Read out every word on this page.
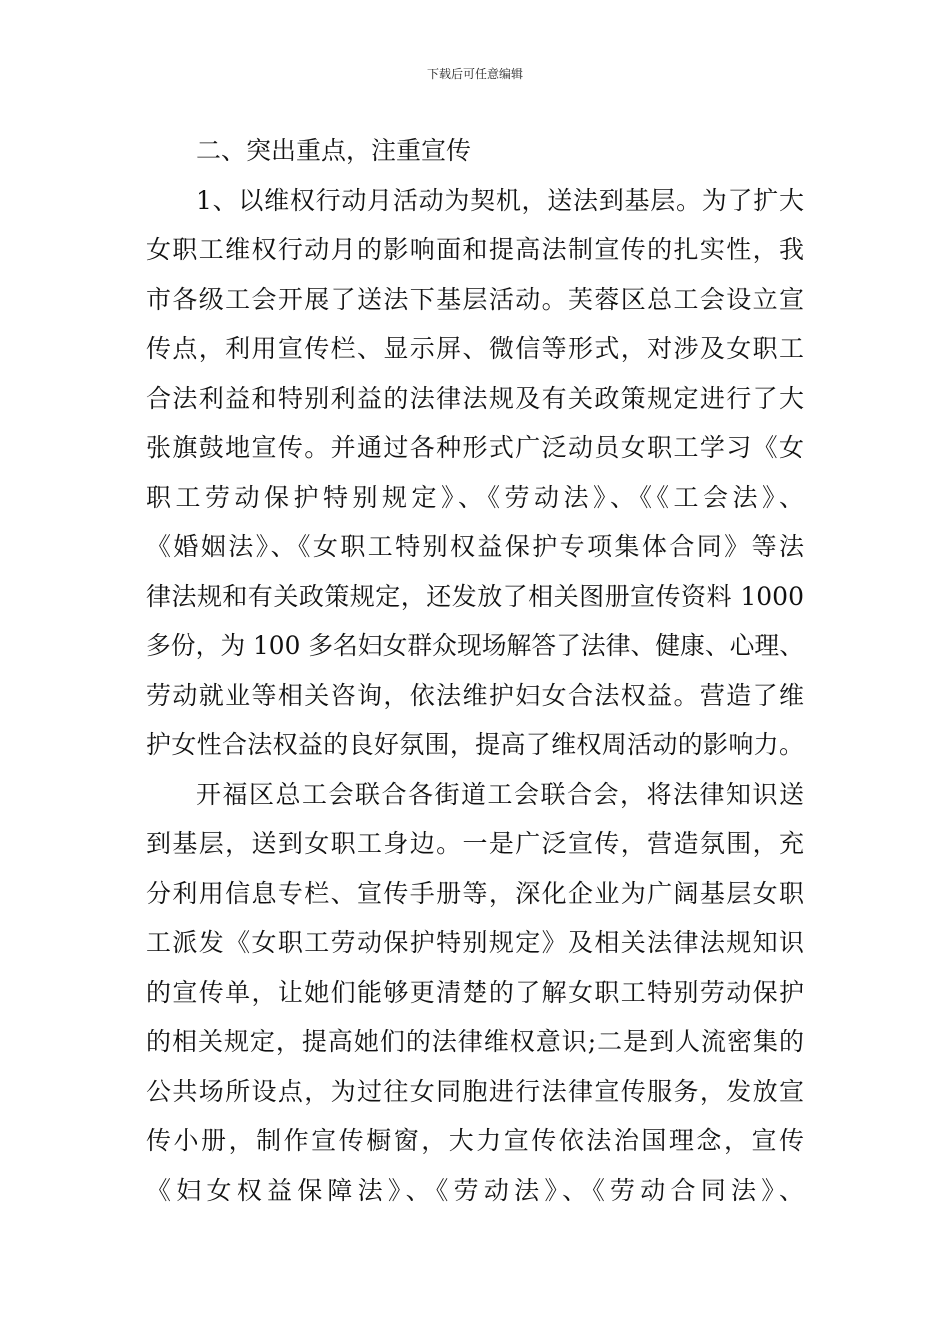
下载后可任意编辑
二、突出重点，注重宣传
1、以维权行动月活动为契机，送法到基层。为了扩大
女职工维权行动月的影响面和提高法制宣传的扎实性，我
市各级工会开展了送法下基层活动。芙蓉区总工会设立宣
传点，利用宣传栏、显示屏、微信等形式，对涉及女职工
合法利益和特别利益的法律法规及有关政策规定进行了大
张旗鼓地宣传。并通过各种形式广泛动员女职工学习《女
职工劳动保护特别规定》、《劳动法》、《《工会法》、
《婚姻法》、《女职工特别权益保护专项集体合同》等法
律法规和有关政策规定，还发放了相关图册宣传资料 1000
多份，为 100 多名妇女群众现场解答了法律、健康、心理、
劳动就业等相关咨询，依法维护妇女合法权益。营造了维
护女性合法权益的良好氛围，提高了维权周活动的影响力。
开福区总工会联合各街道工会联合会，将法律知识送
到基层，送到女职工身边。一是广泛宣传，营造氛围，充
分利用信息专栏、宣传手册等，深化企业为广阔基层女职
工派发《女职工劳动保护特别规定》及相关法律法规知识
的宣传单，让她们能够更清楚的了解女职工特别劳动保护
的相关规定，提高她们的法律维权意识;二是到人流密集的
公共场所设点，为过往女同胞进行法律宣传服务，发放宣
传小册，制作宣传橱窗，大力宣传依法治国理念，宣传
《妇女权益保障法》、《劳动法》、《劳动合同法》、
